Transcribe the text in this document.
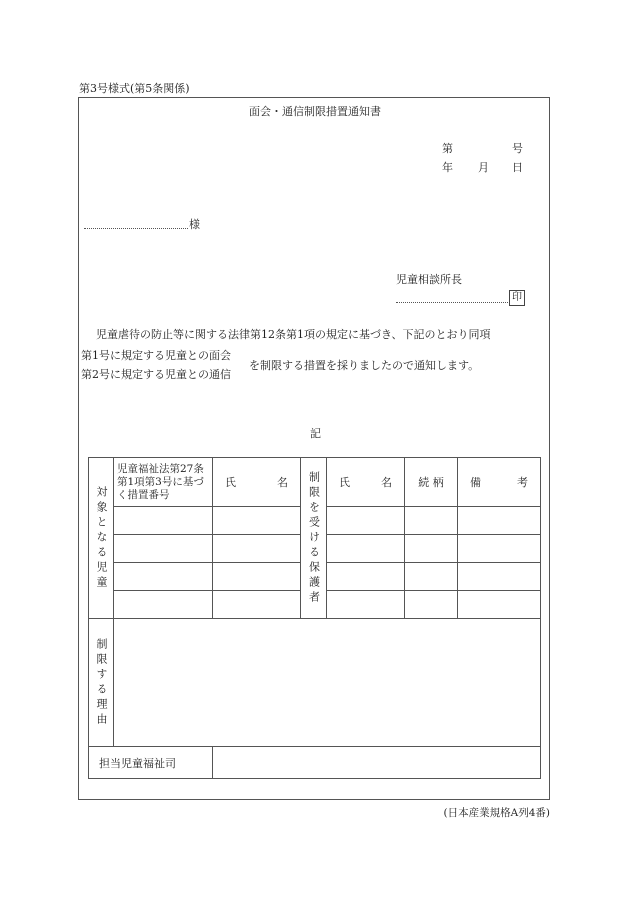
第3号様式(第5条関係)
面会・通信制限措置通知書
第	号
年 月 日
様
児童相談所長
印
児童虐待の防止等に関する法律第12条第1項の規定に基づき、下記のとおり同項
第1号に規定する児童との面会
第2号に規定する児童との通信
を制限する措置を採りましたので通知します。
記
対象となる児童	児童福祉法第27条第1項第3号に基づく措置番号	氏 名	制限を受ける保護者	氏 名	続 柄	備 考

制限する理由						

担当児童福祉司						
(日本産業規格A列4番)
